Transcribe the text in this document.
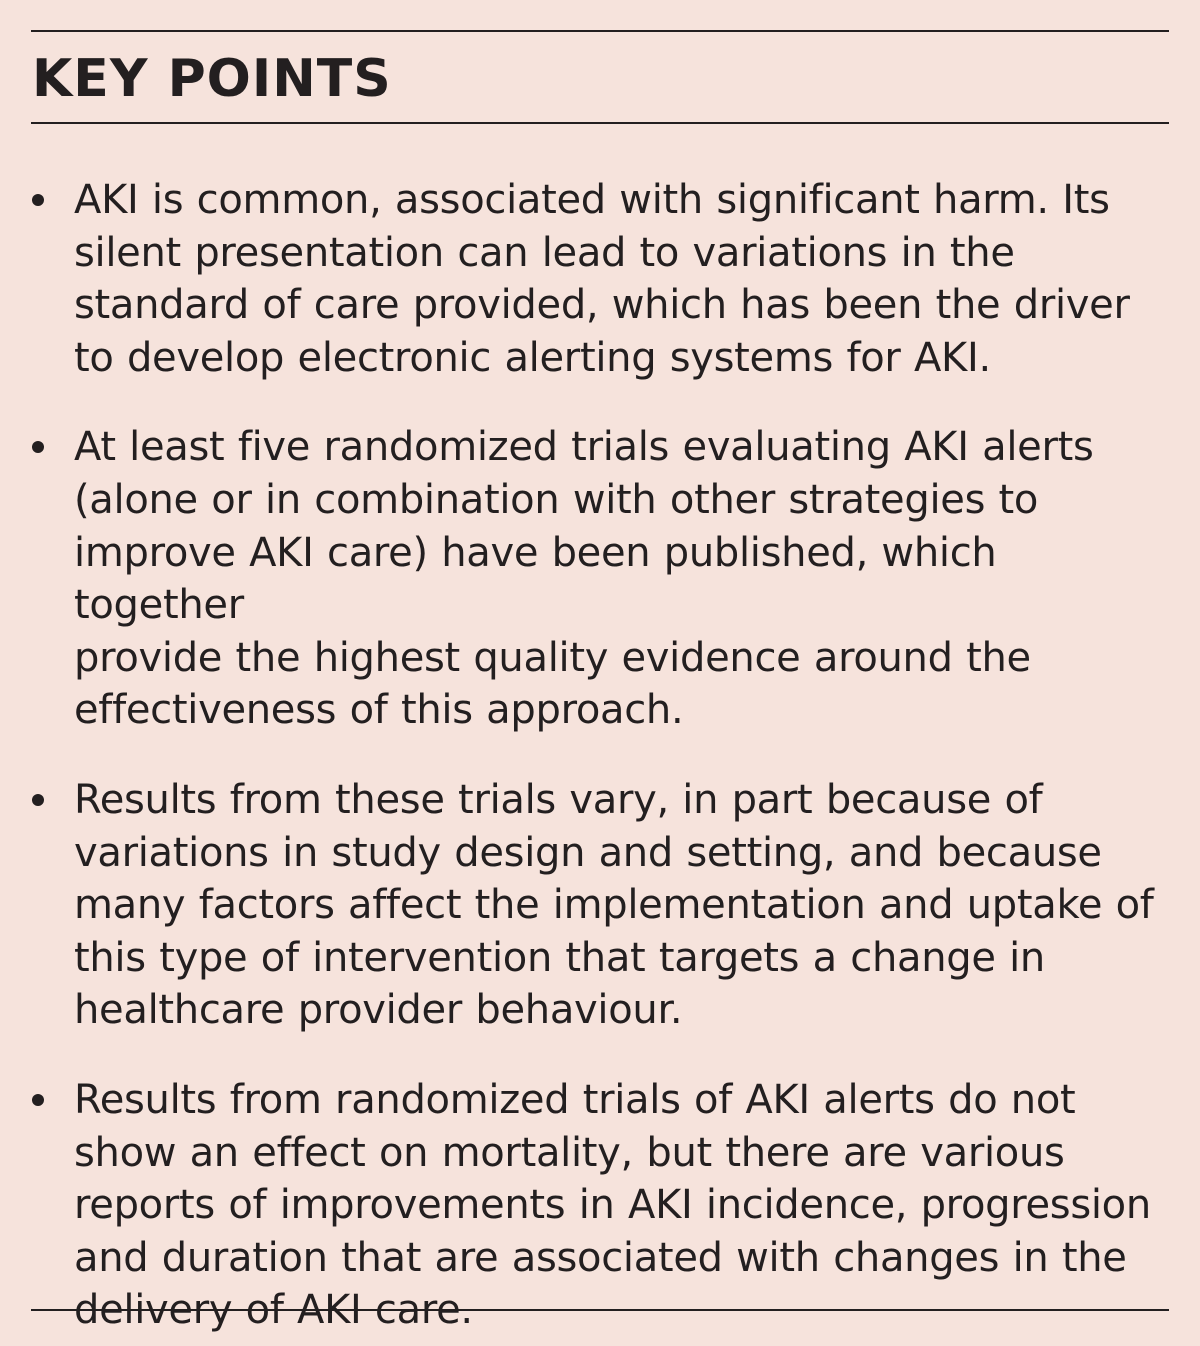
KEY POINTS
AKI is common, associated with significant harm. Its
silent presentation can lead to variations in the
standard of care provided, which has been the driver
to develop electronic alerting systems for AKI.
At least five randomized trials evaluating AKI alerts
(alone or in combination with other strategies to
improve AKI care) have been published, which together
provide the highest quality evidence around the
effectiveness of this approach.
Results from these trials vary, in part because of
variations in study design and setting, and because
many factors affect the implementation and uptake of
this type of intervention that targets a change in
healthcare provider behaviour.
Results from randomized trials of AKI alerts do not
show an effect on mortality, but there are various
reports of improvements in AKI incidence, progression
and duration that are associated with changes in the
delivery of AKI care.
